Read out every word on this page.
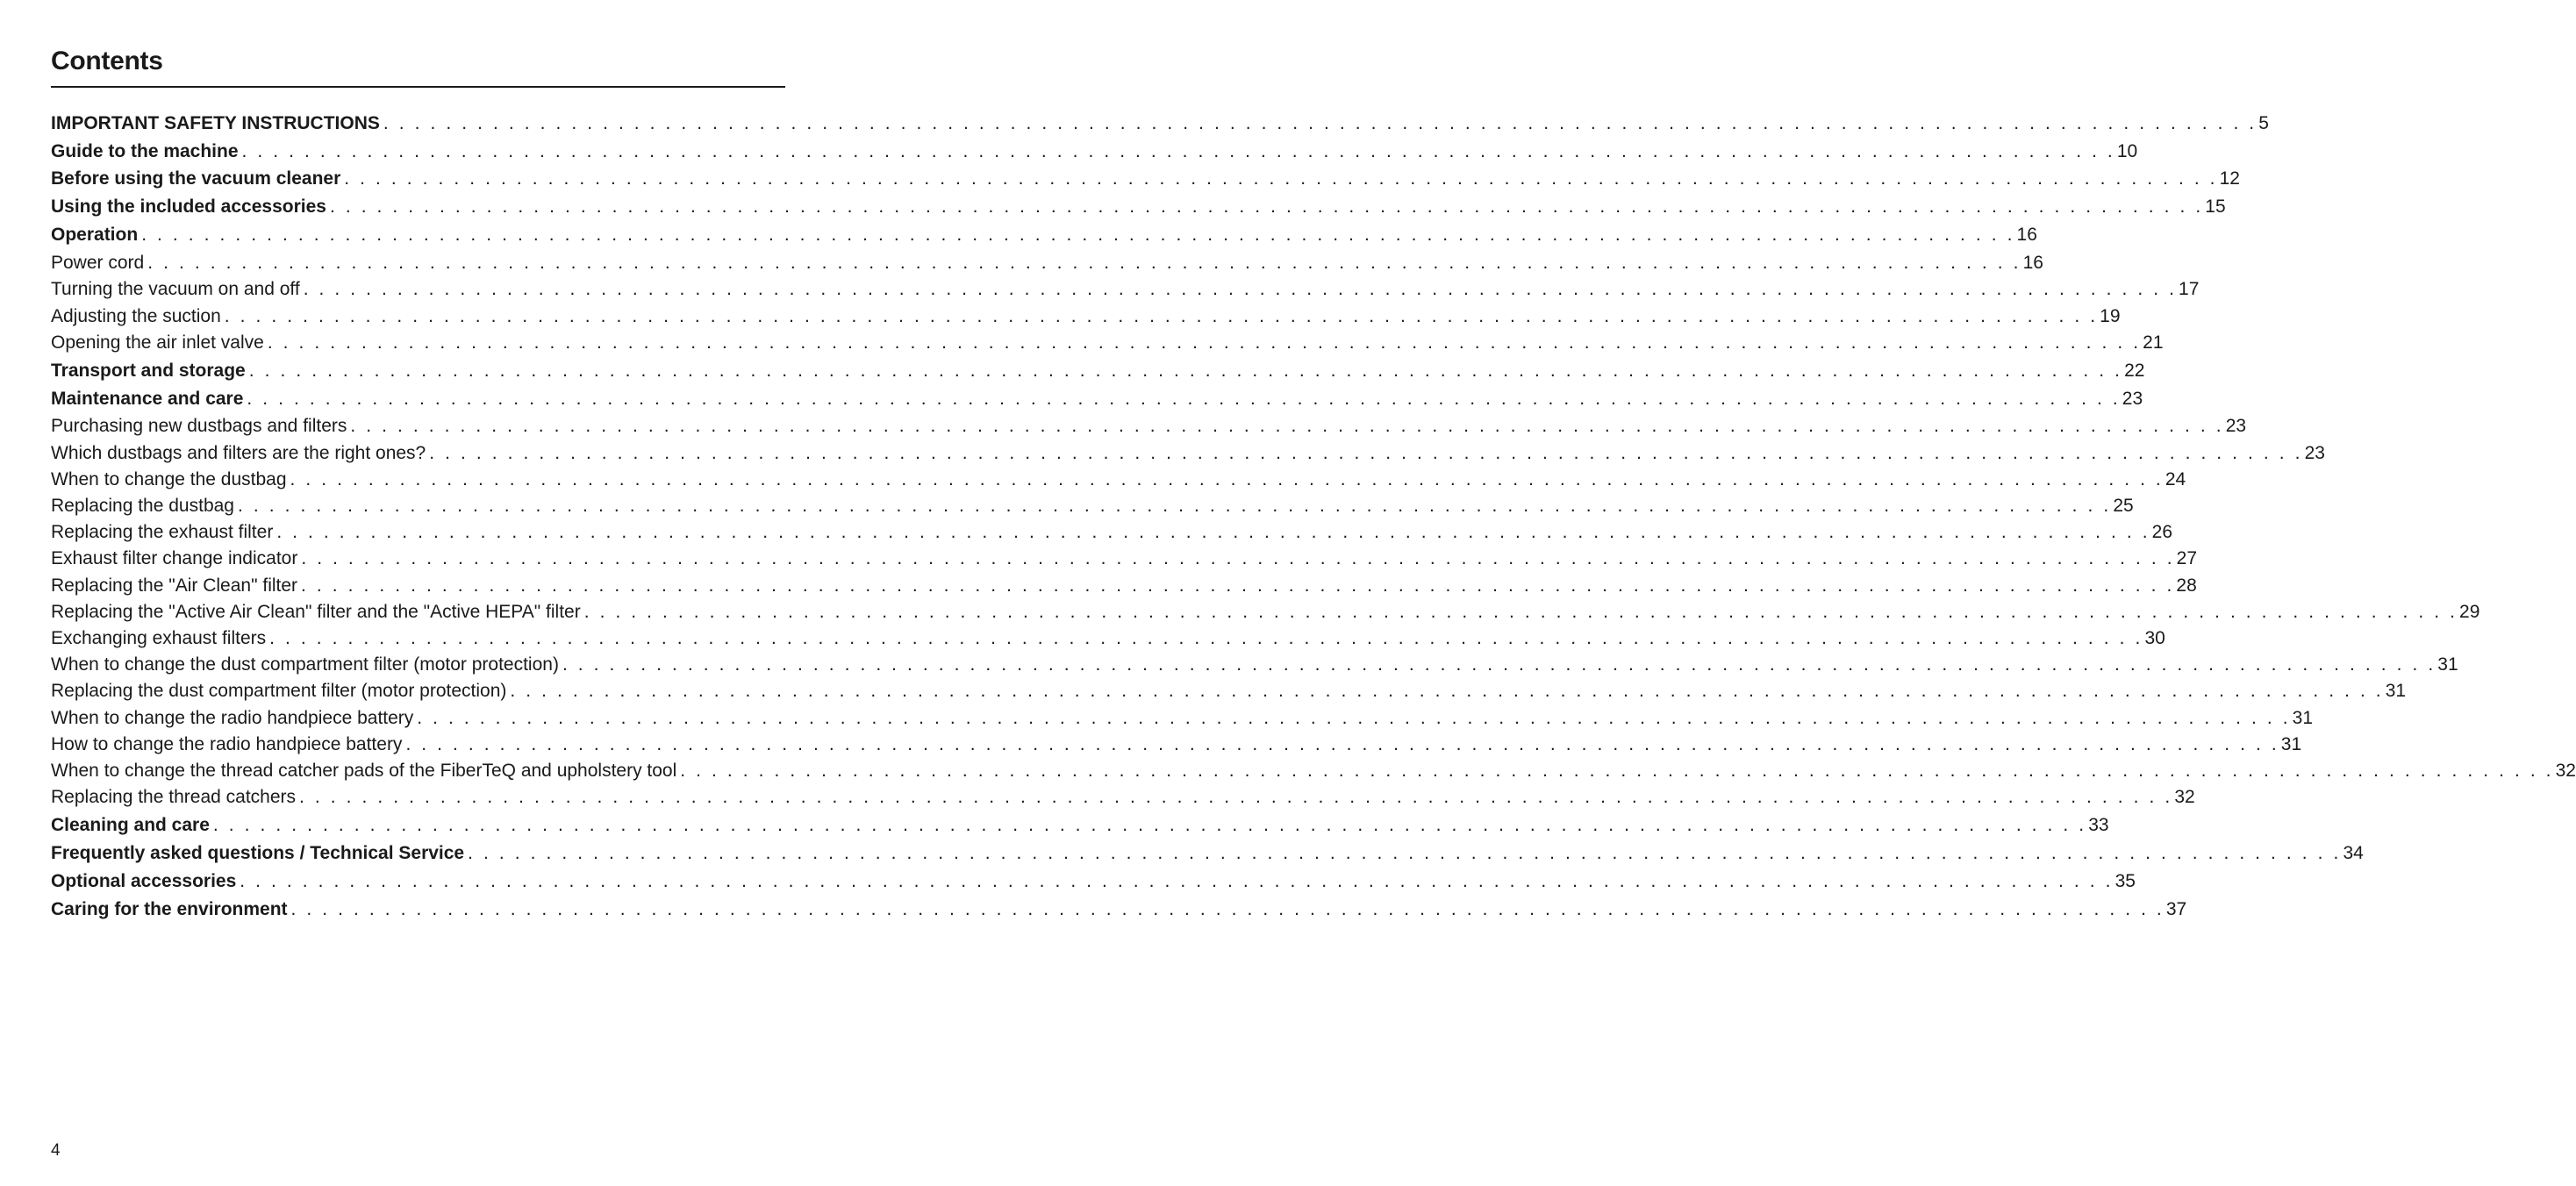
Contents
IMPORTANT SAFETY INSTRUCTIONS . . . . . . . . . . . . . . . . . . . . . . . . . . . . . . . . . . . . . . . . . . . . . . . . . . . . . . . . . . . . . . . . . . . . . . . . . . . . . . . . . . . . . . . . . . . . . . . . . . . . . . . . . . . . . . . . . . . . . . . . 5
Guide to the machine . . . . . . . . . . . . . . . . . . . . . . . . . . . . . . . . . . . . . . . . . . . . . . . . . . . . . . . . . . . . . . . . . . . . . . . . . . . . . . . . . . . . . . . . . . . . . . . . . . . . . . . . . . . . . . . . . . . . . . . . 10
Before using the vacuum cleaner . . . . . . . . . . . . . . . . . . . . . . . . . . . . . . . . . . . . . . . . . . . . . . . . . . . . . . . . . . . . . . . . . . . . . . . . . . . . . . . . . . . . . . . . . . . . . . . . . . . . . . . . . . . . . . . . . . . . . . . . 12
Using the included accessories . . . . . . . . . . . . . . . . . . . . . . . . . . . . . . . . . . . . . . . . . . . . . . . . . . . . . . . . . . . . . . . . . . . . . . . . . . . . . . . . . . . . . . . . . . . . . . . . . . . . . . . . . . . . . . . . . . . . . . . . 15
Operation . . . . . . . . . . . . . . . . . . . . . . . . . . . . . . . . . . . . . . . . . . . . . . . . . . . . . . . . . . . . . . . . . . . . . . . . . . . . . . . . . . . . . . . . . . . . . . . . . . . . . . . . . . . . . . . . . . . . . . . . 16
Power cord . . . . . . . . . . . . . . . . . . . . . . . . . . . . . . . . . . . . . . . . . . . . . . . . . . . . . . . . . . . . . . . . . . . . . . . . . . . . . . . . . . . . . . . . . . . . . . . . . . . . . . . . . . . . . . . . . . . . . . . . 16
Turning the vacuum on and off . . . . . . . . . . . . . . . . . . . . . . . . . . . . . . . . . . . . . . . . . . . . . . . . . . . . . . . . . . . . . . . . . . . . . . . . . . . . . . . . . . . . . . . . . . . . . . . . . . . . . . . . . . . . . . . . . . . . . . . . 17
Adjusting the suction . . . . . . . . . . . . . . . . . . . . . . . . . . . . . . . . . . . . . . . . . . . . . . . . . . . . . . . . . . . . . . . . . . . . . . . . . . . . . . . . . . . . . . . . . . . . . . . . . . . . . . . . . . . . . . . . . . . . . . . . 19
Opening the air inlet valve . . . . . . . . . . . . . . . . . . . . . . . . . . . . . . . . . . . . . . . . . . . . . . . . . . . . . . . . . . . . . . . . . . . . . . . . . . . . . . . . . . . . . . . . . . . . . . . . . . . . . . . . . . . . . . . . . . . . . . . . 21
Transport and storage . . . . . . . . . . . . . . . . . . . . . . . . . . . . . . . . . . . . . . . . . . . . . . . . . . . . . . . . . . . . . . . . . . . . . . . . . . . . . . . . . . . . . . . . . . . . . . . . . . . . . . . . . . . . . . . . . . . . . . . . 22
Maintenance and care . . . . . . . . . . . . . . . . . . . . . . . . . . . . . . . . . . . . . . . . . . . . . . . . . . . . . . . . . . . . . . . . . . . . . . . . . . . . . . . . . . . . . . . . . . . . . . . . . . . . . . . . . . . . . . . . . . . . . . . . 23
Purchasing new dustbags and filters . . . . . . . . . . . . . . . . . . . . . . . . . . . . . . . . . . . . . . . . . . . . . . . . . . . . . . . . . . . . . . . . . . . . . . . . . . . . . . . . . . . . . . . . . . . . . . . . . . . . . . . . . . . . . . . . . . . . . . . . 23
Which dustbags and filters are the right ones? . . . . . . . . . . . . . . . . . . . . . . . . . . . . . . . . . . . . . . . . . . . . . . . . . . . . . . . . . . . . . . . . . . . . . . . . . . . . . . . . . . . . . . . . . . . . . . . . . . . . . . . . . . . . . . . . . . . . . . . . 23
When to change the dustbag . . . . . . . . . . . . . . . . . . . . . . . . . . . . . . . . . . . . . . . . . . . . . . . . . . . . . . . . . . . . . . . . . . . . . . . . . . . . . . . . . . . . . . . . . . . . . . . . . . . . . . . . . . . . . . . . . . . . . . . . 24
Replacing the dustbag . . . . . . . . . . . . . . . . . . . . . . . . . . . . . . . . . . . . . . . . . . . . . . . . . . . . . . . . . . . . . . . . . . . . . . . . . . . . . . . . . . . . . . . . . . . . . . . . . . . . . . . . . . . . . . . . . . . . . . . . 25
Replacing the exhaust filter . . . . . . . . . . . . . . . . . . . . . . . . . . . . . . . . . . . . . . . . . . . . . . . . . . . . . . . . . . . . . . . . . . . . . . . . . . . . . . . . . . . . . . . . . . . . . . . . . . . . . . . . . . . . . . . . . . . . . . . . 26
Exhaust filter change indicator . . . . . . . . . . . . . . . . . . . . . . . . . . . . . . . . . . . . . . . . . . . . . . . . . . . . . . . . . . . . . . . . . . . . . . . . . . . . . . . . . . . . . . . . . . . . . . . . . . . . . . . . . . . . . . . . . . . . . . . . 27
Replacing the "Air Clean" filter . . . . . . . . . . . . . . . . . . . . . . . . . . . . . . . . . . . . . . . . . . . . . . . . . . . . . . . . . . . . . . . . . . . . . . . . . . . . . . . . . . . . . . . . . . . . . . . . . . . . . . . . . . . . . . . . . . . . . . . . 28
Replacing the "Active Air Clean" filter and the "Active HEPA" filter . . . . . . . . . . . . . . . . . . . . . . . . . . . . . . . . . . . . . . . . . . . . . . . . . . . . . . . . . . . . . . . . . . . . . . . . . . . . . . . . . . . . . . . . . . . . . . . . . . . . . . . . . . . . . . . . . . . . . . . . 29
Exchanging exhaust filters . . . . . . . . . . . . . . . . . . . . . . . . . . . . . . . . . . . . . . . . . . . . . . . . . . . . . . . . . . . . . . . . . . . . . . . . . . . . . . . . . . . . . . . . . . . . . . . . . . . . . . . . . . . . . . . . . . . . . . . . 30
When to change the dust compartment filter (motor protection) . . . . . . . . . . . . . . . . . . . . . . . . . . . . . . . . . . . . . . . . . . . . . . . . . . . . . . . . . . . . . . . . . . . . . . . . . . . . . . . . . . . . . . . . . . . . . . . . . . . . . . . . . . . . . . . . . . . . . . . . 31
Replacing the dust compartment filter (motor protection) . . . . . . . . . . . . . . . . . . . . . . . . . . . . . . . . . . . . . . . . . . . . . . . . . . . . . . . . . . . . . . . . . . . . . . . . . . . . . . . . . . . . . . . . . . . . . . . . . . . . . . . . . . . . . . . . . . . . . . . . 31
When to change the radio handpiece battery . . . . . . . . . . . . . . . . . . . . . . . . . . . . . . . . . . . . . . . . . . . . . . . . . . . . . . . . . . . . . . . . . . . . . . . . . . . . . . . . . . . . . . . . . . . . . . . . . . . . . . . . . . . . . . . . . . . . . . . . 31
How to change the radio handpiece battery . . . . . . . . . . . . . . . . . . . . . . . . . . . . . . . . . . . . . . . . . . . . . . . . . . . . . . . . . . . . . . . . . . . . . . . . . . . . . . . . . . . . . . . . . . . . . . . . . . . . . . . . . . . . . . . . . . . . . . . . 31
When to change the thread catcher pads of the FiberTeQ and upholstery tool . . . . . . . . . . . . . . . . . . . . . . . . . . . . . . . . . . . . . . . . . . . . . . . . . . . . . . . . . . . . . . . . . . . . . . . . . . . . . . . . . . . . . . . . . . . . . . . . . . . . . . . . . . . . . . . . . . . . . . . . 32
Replacing the thread catchers . . . . . . . . . . . . . . . . . . . . . . . . . . . . . . . . . . . . . . . . . . . . . . . . . . . . . . . . . . . . . . . . . . . . . . . . . . . . . . . . . . . . . . . . . . . . . . . . . . . . . . . . . . . . . . . . . . . . . . . . 32
Cleaning and care . . . . . . . . . . . . . . . . . . . . . . . . . . . . . . . . . . . . . . . . . . . . . . . . . . . . . . . . . . . . . . . . . . . . . . . . . . . . . . . . . . . . . . . . . . . . . . . . . . . . . . . . . . . . . . . . . . . . . . . . 33
Frequently asked questions / Technical Service . . . . . . . . . . . . . . . . . . . . . . . . . . . . . . . . . . . . . . . . . . . . . . . . . . . . . . . . . . . . . . . . . . . . . . . . . . . . . . . . . . . . . . . . . . . . . . . . . . . . . . . . . . . . . . . . . . . . . . . . 34
Optional accessories . . . . . . . . . . . . . . . . . . . . . . . . . . . . . . . . . . . . . . . . . . . . . . . . . . . . . . . . . . . . . . . . . . . . . . . . . . . . . . . . . . . . . . . . . . . . . . . . . . . . . . . . . . . . . . . . . . . . . . . . 35
Caring for the environment . . . . . . . . . . . . . . . . . . . . . . . . . . . . . . . . . . . . . . . . . . . . . . . . . . . . . . . . . . . . . . . . . . . . . . . . . . . . . . . . . . . . . . . . . . . . . . . . . . . . . . . . . . . . . . . . . . . . . . . . 37
4
